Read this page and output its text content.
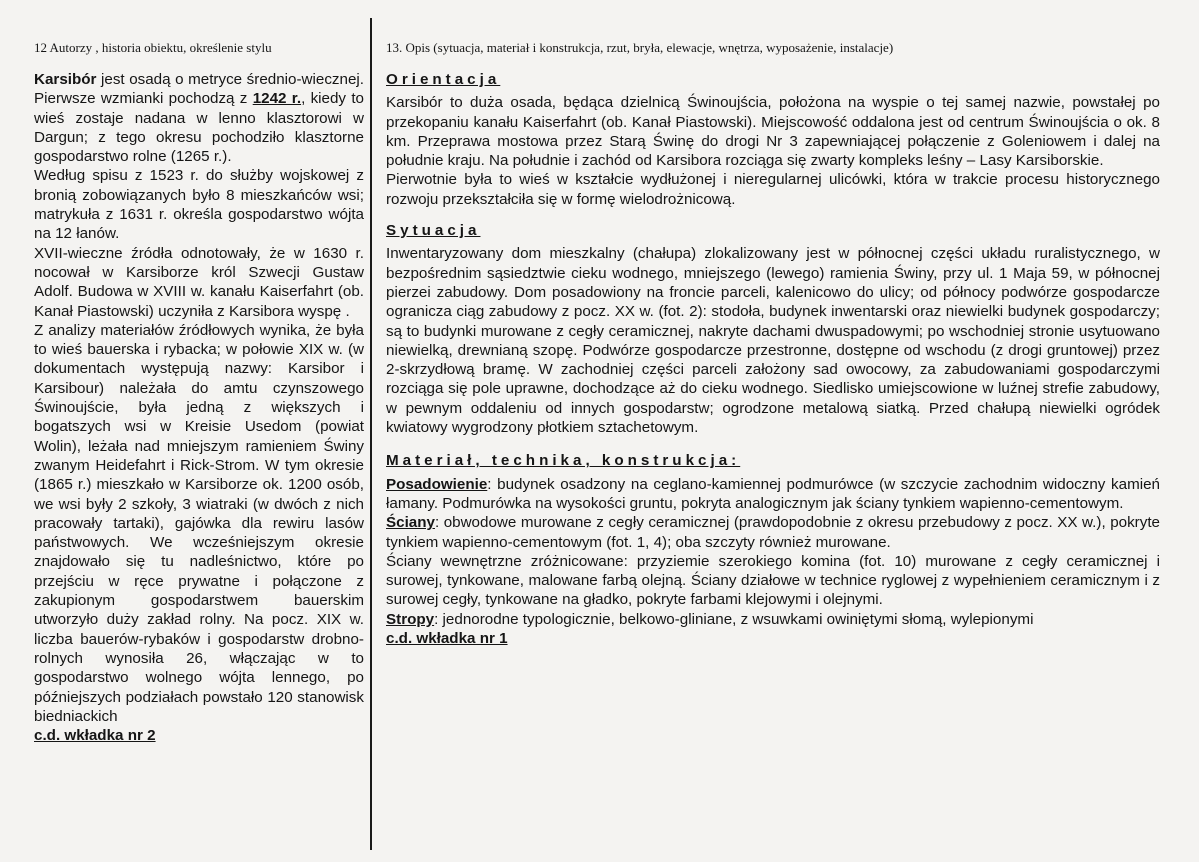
12 Autorzy , historia obiektu, określenie stylu

Karsibór jest osadą o metryce średnio-wiecznej. Pierwsze wzmianki pochodzą z 1242 r., kiedy to wieś zostaje nadana w lenno klasztorowi w Dargun; z tego okresu pochodziło klasztorne gospodarstwo rolne (1265 r.).

Według spisu z 1523 r. do służby wojskowej z bronią zobowiązanych było 8 mieszkańców wsi; matrykuła z 1631 r. określa gospodarstwo wójta na 12 łanów.

XVII-wieczne źródła odnotowały, że w 1630 r. nocował w Karsiborze król Szwecji Gustaw Adolf. Budowa w XVIII w. kanału Kaiserfahrt (ob. Kanał Piastowski) uczyniła z Karsibora wyspę .

Z analizy materiałów źródłowych wynika, że była to wieś bauerska i rybacka; w połowie XIX w. (w dokumentach występują nazwy: Karsibor i Karsibour) należała do amtu czynszowego Świnoujście, była jedną z większych i bogatszych wsi w Kreisie Usedom (powiat Wolin), leżała nad mniejszym ramieniem Świny zwanym Heidefahrt i Rick-Strom. W tym okresie (1865 r.) mieszkało w Karsiborze ok. 1200 osób, we wsi były 2 szkoły, 3 wiatraki (w dwóch z nich pracowały tartaki), gajówka dla rewiru lasów państwowych. We wcześniejszym okresie znajdowało się tu nadleśnictwo, które po przejściu w ręce prywatne i połączone z zakupionym gospodarstwem bauerskim utworzyło duży zakład rolny. Na pocz. XIX w. liczba bauerów-rybaków i gospodarstw drobno-rolnych wynosiła 26, włączając w to gospodarstwo wolnego wójta lennego, po późniejszych podziałach powstało 120 stanowisk biedniackich

c.d. wkładka nr 2

13. Opis (sytuacja, materiał i konstrukcja, rzut, bryła, elewacje, wnętrza, wyposażenie, instalacje)
Orientacja

Karsibór to duża osada, będąca dzielnicą Świnoujścia, położona na wyspie o tej samej nazwie, powstałej po przekopaniu kanału Kaiserfahrt (ob. Kanał Piastowski). Miejscowość oddalona jest od centrum Świnoujścia o ok. 8 km. Przeprawa mostowa przez Starą Świnę do drogi Nr 3 zapewniającej połączenie z Goleniowem i dalej na południe kraju. Na południe i zachód od Karsibora rozciąga się zwarty kompleks leśny – Lasy Karsiborskie.

Pierwotnie była to wieś w kształcie wydłużonej i nieregularnej ulicówki, która w trakcie procesu historycznego rozwoju przekształciła się w formę wielodrożnicową.

Sytuacja

Inwentaryzowany dom mieszkalny (chałupa) zlokalizowany jest w północnej części układu ruralistycznego, w bezpośrednim sąsiedztwie cieku wodnego, mniejszego (lewego) ramienia Świny, przy ul. 1 Maja 59, w północnej pierzei zabudowy. Dom posadowiony na froncie parceli, kalenicowo do ulicy; od północy podwórze gospodarcze ogranicza ciąg zabudowy z pocz. XX w. (fot. 2): stodoła, budynek inwentarski oraz niewielki budynek gospodarczy; są to budynki murowane z cegły ceramicznej, nakryte dachami dwuspadowymi; po wschodniej stronie usytuowano niewielką, drewnianą szopę. Podwórze gospodarcze przestronne, dostępne od wschodu (z drogi gruntowej) przez 2-skrzydłową bramę. W zachodniej części parceli założony sad owocowy, za zabudowaniami gospodarczymi rozciąga się pole uprawne, dochodzące aż do cieku wodnego. Siedlisko umiejscowione w luźnej strefie zabudowy, w pewnym oddaleniu od innych gospodarstw; ogrodzone metalową siatką. Przed chałupą niewielki ogródek kwiatowy wygrodzony płotkiem sztachetowym.

Materiał, technika, konstrukcja:

Posadowienie: budynek osadzony na ceglano-kamiennej podmurówce (w szczycie zachodnim widoczny kamień łamany. Podmurówka na wysokości gruntu, pokryta analogicznym jak ściany tynkiem wapienno-cementowym.

Ściany: obwodowe murowane z cegły ceramicznej (prawdopodobnie z okresu przebudowy z pocz. XX w.), pokryte tynkiem wapienno-cementowym (fot. 1, 4); oba szczyty również murowane.

Ściany wewnętrzne zróżnicowane: przyziemie szerokiego komina (fot. 10) murowane z cegły ceramicznej i surowej, tynkowane, malowane farbą olejną. Ściany działowe w technice ryglowej z wypełnieniem ceramicznym i z surowej cegły, tynkowane na gładko, pokryte farbami klejowymi i olejnymi.

Stropy: jednorodne typologicznie, belkowo-gliniane, z wsuwkami owiniętymi słomą, wylepionymi

c.d. wkładka nr 1
